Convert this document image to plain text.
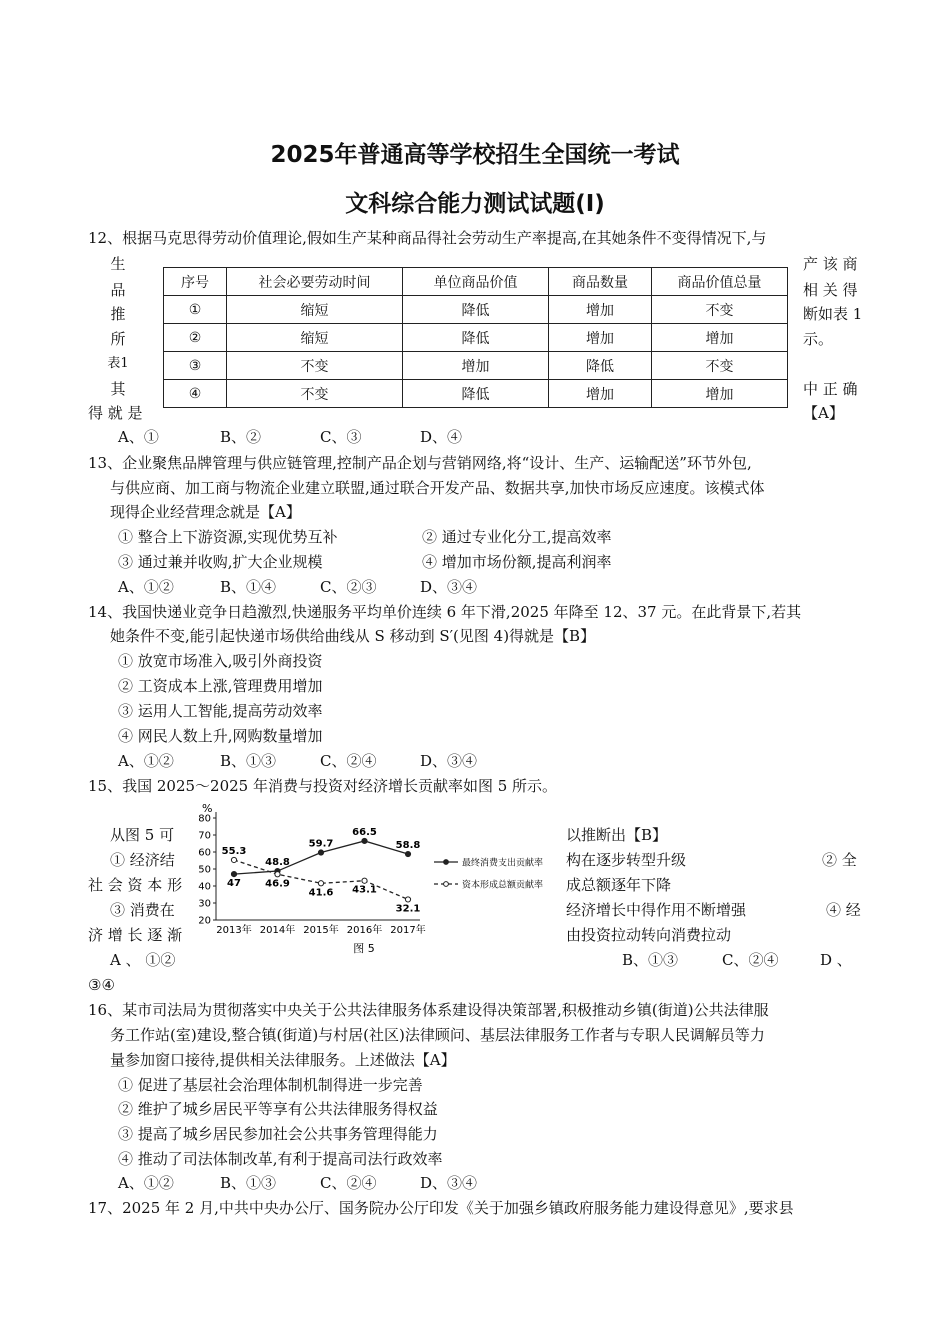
2025年普通高等学校招生全国统一考试
文科综合能力测试试题(I)
12、根据马克思得劳动价值理论,假如生产某种商品得社会劳动生产率提高,在其她条件不变得情况下,与
生
品
推
所
表1
其
得 就 是
产 该 商
相 关 得
断如表 1
示。
中 正 确
【A】
序号	社会必要劳动时间	单位商品价值	商品数量	商品价值总量
①	缩短	降低	增加	不变
②	缩短	降低	增加	增加
③	不变	增加	降低	不变
④	不变	降低	增加	增加
A、①	B、②	C、③	D、④
13、企业聚焦品牌管理与供应链管理,控制产品企划与营销网络,将“设计、生产、运输配送”环节外包,
与供应商、加工商与物流企业建立联盟,通过联合开发产品、数据共享,加快市场反应速度。该模式体
现得企业经营理念就是【A】
① 整合上下游资源,实现优势互补	② 通过专业化分工,提高效率
③ 通过兼并收购,扩大企业规模	④ 增加市场份额,提高利润率
A、①②	B、①④	C、②③	D、③④
14、我国快递业竞争日趋激烈,快递服务平均单价连续 6 年下滑,2025 年降至 12、37 元。在此背景下,若其
她条件不变,能引起快递市场供给曲线从 S 移动到 S′(见图 4)得就是【B】
① 放宽市场准入,吸引外商投资
② 工资成本上涨,管理费用增加
③ 运用人工智能,提高劳动效率
④ 网民人数上升,网购数量增加
A、①②	B、①③	C、②④	D、③④
15、我国 2025～2025 年消费与投资对经济增长贡献率如图 5 所示。
从图 5 可
① 经济结
社 会 资 本 形
③ 消费在
济 增 长 逐 渐
以推断出【B】
构在逐步转型升级	② 全
成总额逐年下降
经济增长中得作用不断增强	④ 经
由投资拉动转向消费拉动
A 、 ①②	B、①③	C、②④	D 、
③④
%
20
30
40
50
60
70
80
2013年 2014年 2015年 2016年 2017年
47
48.8
59.7
66.5
58.8
55.3
46.9
41.6 43.1
32.1
最终消费支出贡献率
资本形成总额贡献率
图 5
16、某市司法局为贯彻落实中央关于公共法律服务体系建设得决策部署,积极推动乡镇(街道)公共法律服
务工作站(室)建设,整合镇(街道)与村居(社区)法律顾问、基层法律服务工作者与专职人民调解员等力
量参加窗口接待,提供相关法律服务。上述做法【A】
① 促进了基层社会治理体制机制得进一步完善
② 维护了城乡居民平等享有公共法律服务得权益
③ 提高了城乡居民参加社会公共事务管理得能力
④ 推动了司法体制改革,有利于提高司法行政效率
A、①②	B、①③	C、②④	D、③④
17、2025 年 2 月,中共中央办公厅、国务院办公厅印发《关于加强乡镇政府服务能力建设得意见》,要求县
